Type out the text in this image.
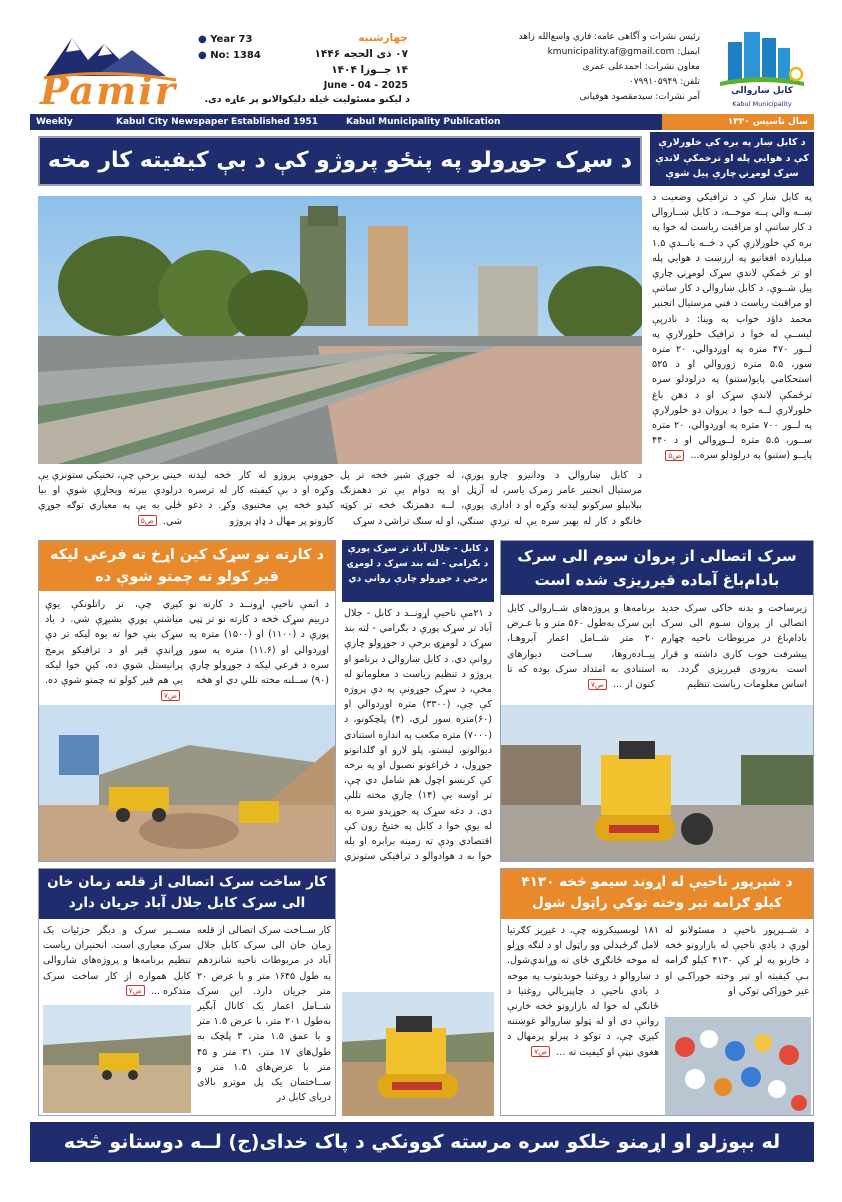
Pamir
● Year 73
● No: 1384
چهارشنبه
۰۷ ذی الحجه ۱۴۴۶
۱۴ جــوزا ۱۴۰۴
June - 04 - 2025
د لیکنو مسئولیت ځیله دلیکوالانو پر غاړه دی.
رئیس نشرات و آگاهی عامه: قاري واسع‌الله زاهد
ایمیل: kmunicipality.af@gmail.com
معاون نشرات: احمدعلی عمری
تلفن: ۰۷۹۹۱۰۵۹۴۹
آمر نشرات: سیدمقصود هوفیانی
کابل ښاروالی
Kabul Municipality
Weekly	Kabul City Newspaper Established 1951	Kabul Municipality Publication	سال تاسیس ۱۳۳۰
د سړک جوړولو په پنځو پروژو کې د بې کیفیته کار مخه
د کابل ښاروالۍ د ودانیزو چارو مرستیال انجنیر عامر زمرک یاسر، له بېلابېلو سرکونو لیدنه وکړه او د اداری څانګو د کار له بهیر سره یې له نږدې
پورې، له جوړې شېږ څخه تر پل آرټل او په دوام یې تر دهمزنګ پورې، لــه دهمزنګ څخه تر کوټه سنګي، او له سنګ تراشۍ د سړک
جوړونې پروژو له کار څخه لیدنه وکړه او د بې کیفیته کار له ترسره کېدو څخه یې مخنیوی وکړ. د دغو کارونو پر مهال د ډاډ پروژو
خیني برخې چې، تخنیکي ستونزې یې درلودې بیرته ویجاړې شوې او بیا ځلي به یې په معیاري توګه جوړې شي. ص۵
د کابل ښار په بره کې خلورلارې کې د هوایي پله او ترخمکې لاندې سړک لومړنۍ چارې پیل شوې
په کابل ښار کې د ترافیکي وضعیت د ښــه والي پــه موخــه، د کابل ښــاروالۍ د کار ساتنې او مراقبت ریاست له خوا په بره کې خلورلارې کې د څــه بانــدې ۱.۵ میلیارده افغانیو په ارزښت د هوایي پله او تر ځمکې لاندې سړک لومړنۍ چارې پیل شــوې. د کابل ښاروالۍ د کار ساتنې او مراقبت ریاست د فني مرستیال انجنیر محمد داؤد خواب په وینا: د نادرپې لیســې له خوا د ترافیک خلورلارې په لــور ۴۷۰ متره په اوږدوالي، ۲۰ متره سور، ۵.۵ متره ژوروالي او د ۵۲۵ استحکامي پایو(ستنو) په درلودلو سره ترځمکې لاندې سړک او د دهن باغ خلورلارې لــه خوا د پروان دو خلورلارې په لــور ۷۰۰ متره په اوږدوالي، ۲۰ متره ســور، ۵.۵ متره لــوړوالي او د ۴۴۰ پایــو (ستنو) په درلودلو سره... ص۵
د کارته نو سړک کین اړخ ته فرعي لیکه قیر کولو ته چمتو شوې ده
د اتمې ناحیې اړونــد د کارته نو دريیم سړک څخه د کارته نو تر ټپي پورې د (۱۱۰۰) او (۱۵۰۰) متره په اوږدوالي او (۱۱.۶) متره په سور سره د فرعي لیکه د جوړولو چارې (۹۰) ســلنه مخته تللي دي او هڅه
کېږي چې، تر راتلونکې یوې میاشتې پورې بشپړې شي. د یاد سړک بنې خوا ته یوه لیکه تر دې وړاندې قیر او د ترافیکو پرمخ پرانیستل شوې ده، کیڼ خوا لیکه یې هم قیر کولو ته چمتو شوې ده. ص۷
د کابل - جلال آباد تر سړک پورې د بګرامي - لته بند سړک د لومړۍ برخې د جوړولو چارې روانې دي
د ۲۱مې ناحیې اړونــد د کابل - جلال آباد تر سړک پورې د بګرامي - لته بند سړک د لومړۍ برخې د جوړولو چارې روانې دي. د کابل ښاروالۍ د برنامو او پروژو د تنظیم ریاست د معلوماتو له مخې، د سړک جوړونې په دې پروژه کې چې، (۳۳۰۰) متره اوږدوالي او (۶۰)متره سور لري، (۴) پلچکونو، د (۷۰۰۰) متره مکعب په اندازه استنادي دیوالونو، لیښتو، پلو لارو او ګلدانونو جوړول، د ځراغونو نصبول او په برخه کې کربښو اچول هم شامل دي چې، تر اوسه یې (۱۴) چارې مخته تللې دي. د دغه سړک په جوړېدو سره به له یوې خوا د کابل په ختیځ زون کې اقتصادي ودې ته زمینه برابره او بله خوا به د هوادوالو د ترافیکي ستونزې
سرک اتصالی از پروان سوم الی سرک بادام‌باغ آماده قیرریزی شده است
زیرساخت و بدنه خاکی سرک جدید اتصالی از پروان سـوم الی سرک بادام‌باغ در مربوطات ناحیه چهارم پیشرفت خوب کاری داشته و قرار است به‌زودی قیرریزی گردد. به اساس معلومات ریاست تنظیم
برنامه‌ها و پروژه‌های شــاروالی کابل این سرک به‌طول ۵۶۰ متر و با عـرض ۲۰ متر شــامل اعمار آبروهـا، پیــاده‌روها، ســاخت دیوارهای استنادی به امتداد سرک بوده که تا کنون از ... ص۷
کار ساخت سرک اتصالی از قلعه زمان خان الی سرک کابل جلال آباد جریان دارد
کار ســاخت سرک اتصالی از قلعه زمان خان الی سرک کابل جلال آباد در مربوطات ناحیه شانزدهم به طول ۱۶۴۵ متر و با عرض ۲۰ متر جریان دارد. این سرک شــامل اعمار یک کانال آبگیر به‌طول ۲۰۱ متر، با عرض ۱.۵ متر و با عمق ۱.۵ متر، ۳ پلچک به طول‌های ۱۷ متر، ۳۱ متر و ۴۵ متر با عرض‌های ۱.۵ متر و ســاختمان یک پل موترو بالای دریای کابل در
مســیر سرک و دیگر جزئیات یک سرک معیاری است. انجنیران ریاست تنظیم برنامه‌ها و پروژه‌های شاروالی کابل همواره از کار ساخت سرک متذکره ... ص۷
د شېرپور ناحیې له اړوند سیمو څخه ۴۱۳۰ کیلو ګرامه تېر وخته توکي راټول شول
د شــېرپور ناحیې د مسئولانو له لورې د یادې ناحیې له بازارونو څخه د څارنو په لړ کې ۴۱۳۰ کیلو ګرامه بـې کیفیته او تېر وخته خوراکـي او غیر خوراکي توکي او
۱۸۱ لوبسپیکرونه چې، د غیږيز کګرتیا لامل ګرځېدلي وو راټول او د لنګه وړلو له موخه ځانګړي ځای ته وړاندې‌شول. د ښاروالو د روغتیا خونديتوب په موخه د یادې ناحیې د چاپېریالي روغتیا د ځانګې له خوا له بازارونو څخه څارنې روانې دي او له ټولو ښاروالو غوښتنه کېږي چې، د توکو د پېرلو پرمهال د هغوی نېټې او کیفیت ته ... ص۷
له بېوزلو او اړمنو خلکو سره مرسته کوونکي د پاک خدای(ج) لــه دوستانو څخه شمېرل کیږي
